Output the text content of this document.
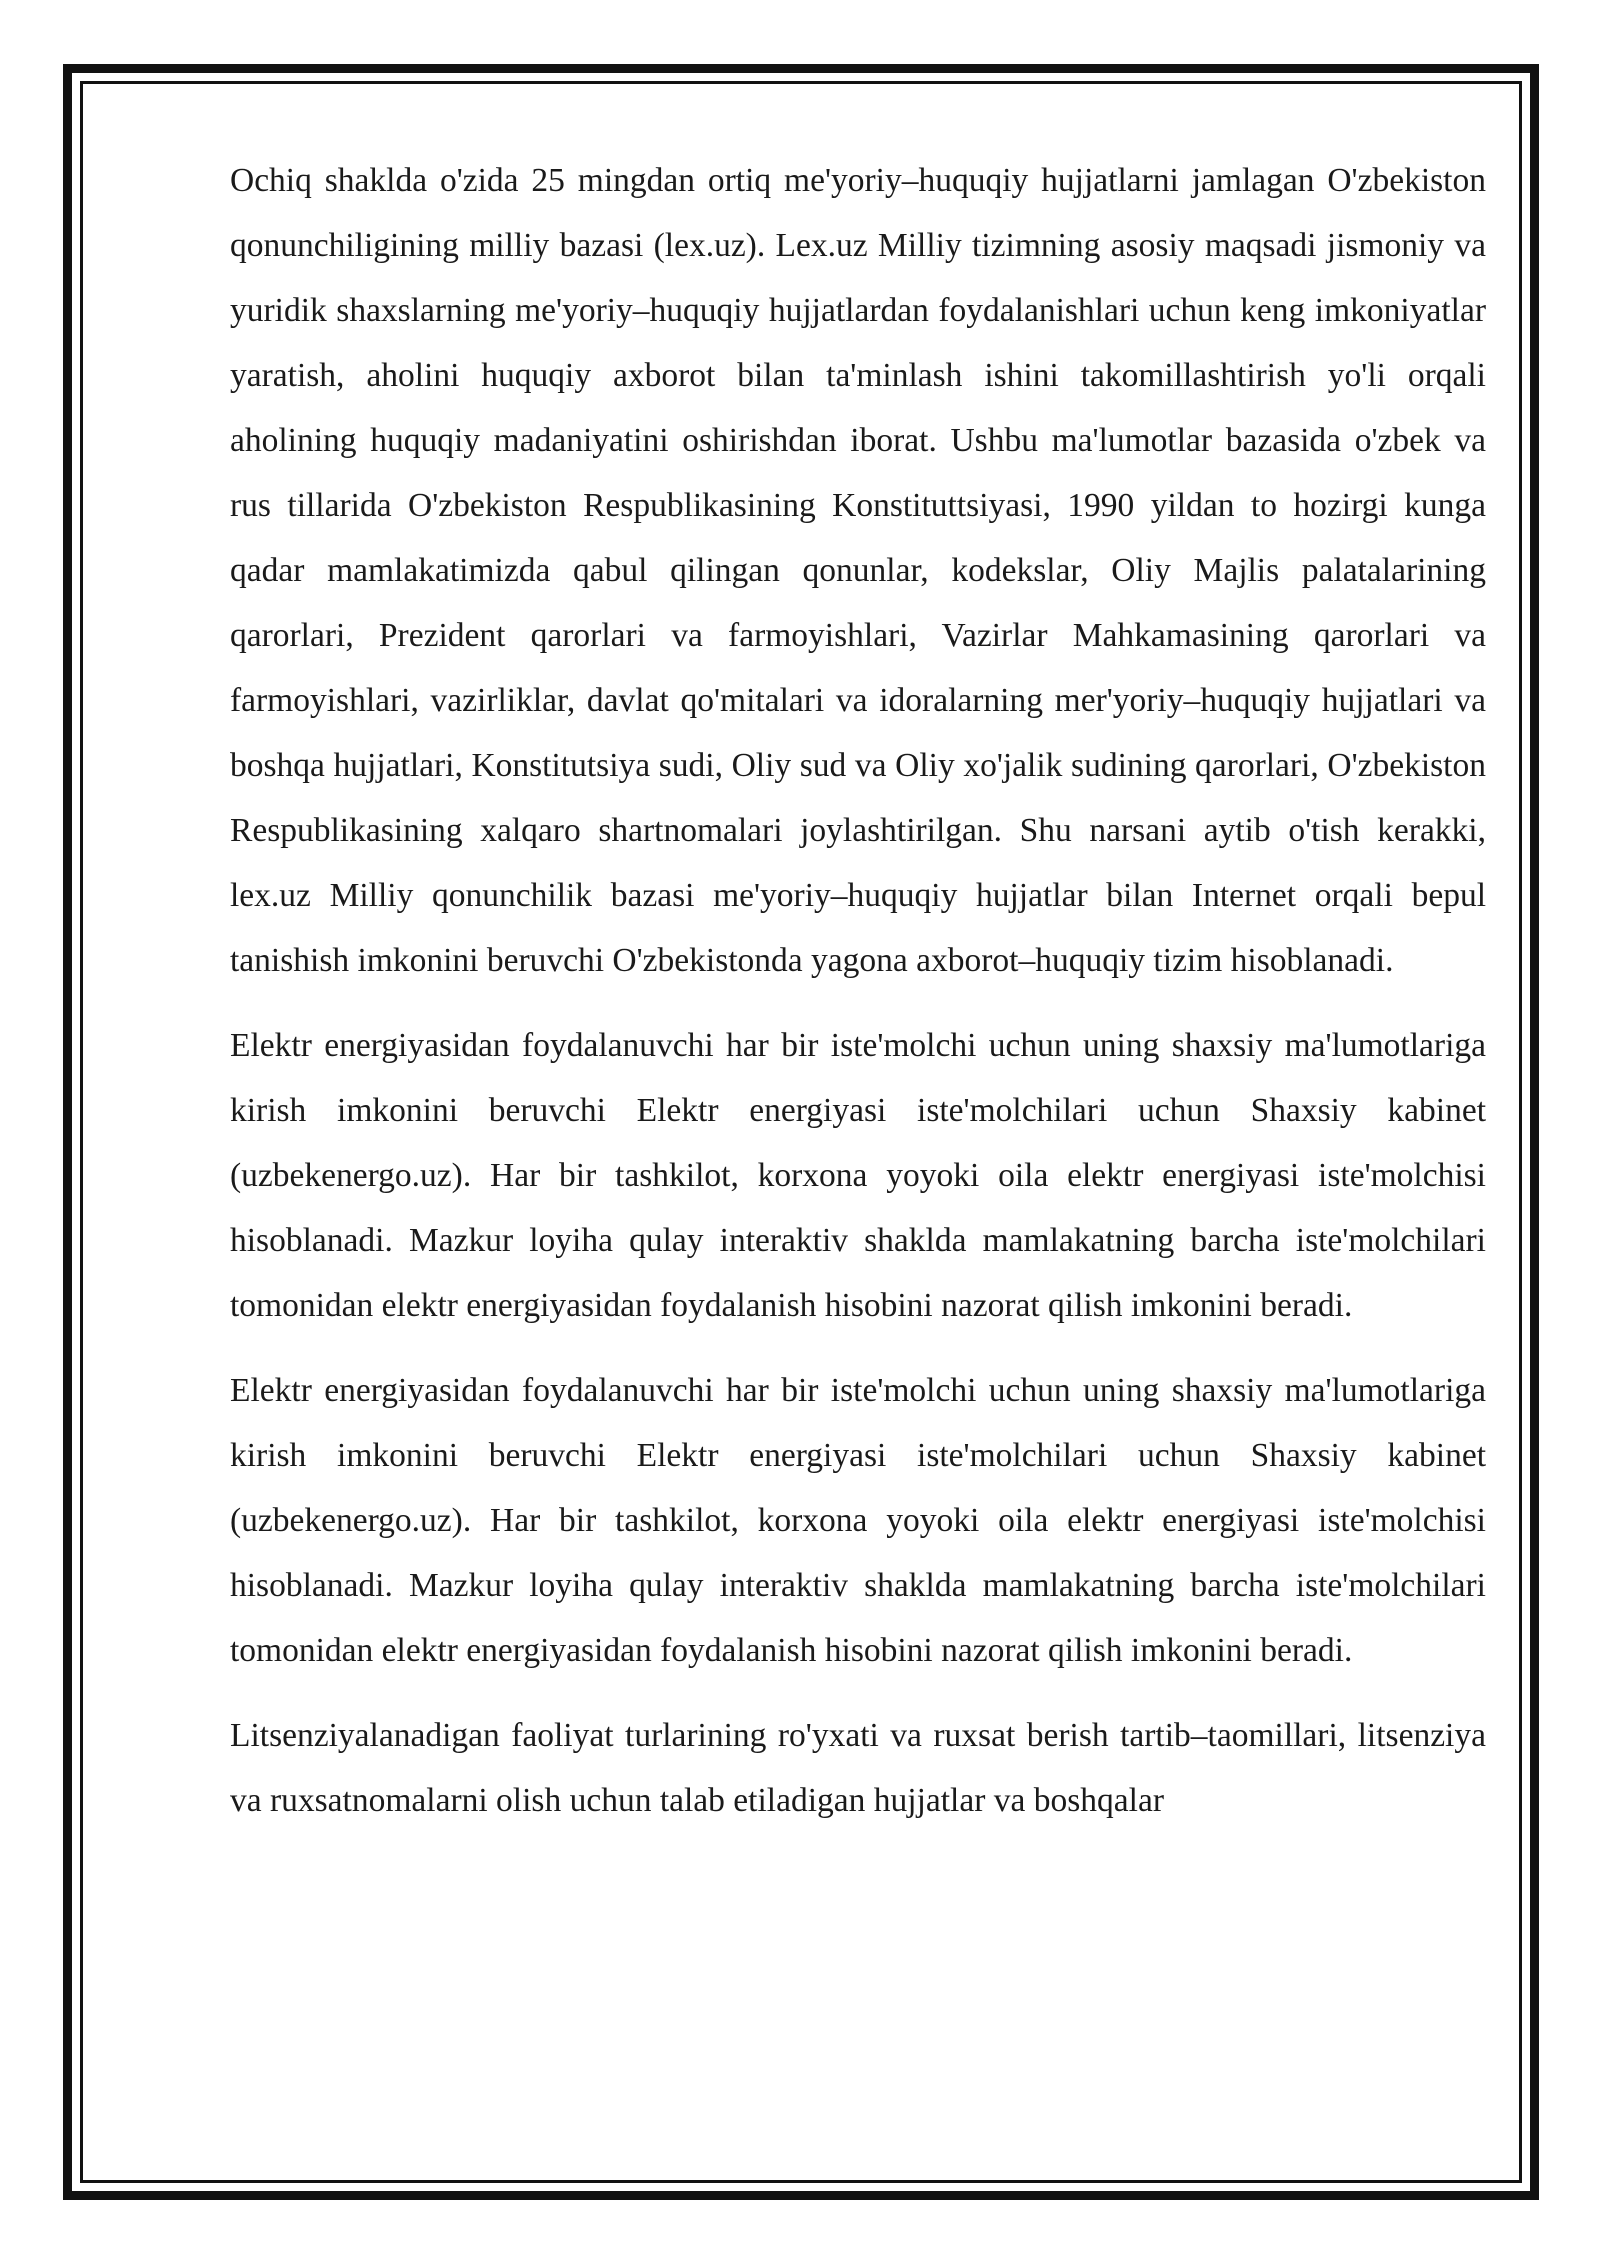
Ochiq shaklda o'zida 25 mingdan ortiq me'yoriy–huquqiy hujjatlarni jamlagan O'zbekiston qonunchiligining milliy bazasi (lex.uz). Lex.uz Milliy tizimning asosiy maqsadi jismoniy va yuridik shaxslarning me'yoriy–huquqiy hujjatlardan foydalanishlari uchun keng imkoniyatlar yaratish, aholini huquqiy axborot bilan ta'minlash ishini takomillashtirish yo'li orqali aholining huquqiy madaniyatini oshirishdan iborat. Ushbu ma'lumotlar bazasida o'zbek va rus tillarida O'zbekiston Respublikasining Konstituttsiyasi, 1990 yildan to hozirgi kunga qadar mamlakatimizda qabul qilingan qonunlar, kodekslar, Oliy Majlis palatalarining qarorlari, Prezident qarorlari va farmoyishlari, Vazirlar Mahkamasining qarorlari va farmoyishlari, vazirliklar, davlat qo'mitalari va idoralarning mer'yoriy–huquqiy hujjatlari va boshqa hujjatlari, Konstitutsiya sudi, Oliy sud va Oliy xo'jalik sudining qarorlari, O'zbekiston Respublikasining xalqaro shartnomalari joylashtirilgan. Shu narsani aytib o'tish kerakki, lex.uz Milliy qonunchilik bazasi me'yoriy–huquqiy hujjatlar bilan Internet orqali bepul tanishish imkonini beruvchi O'zbekistonda yagona axborot–huquqiy tizim hisoblanadi.

Elektr energiyasidan foydalanuvchi har bir iste'molchi uchun uning shaxsiy ma'lumotlariga kirish imkonini beruvchi Elektr energiyasi iste'molchilari uchun Shaxsiy kabinet (uzbekenergo.uz). Har bir tashkilot, korxona yoyoki oila elektr energiyasi iste'molchisi hisoblanadi. Mazkur loyiha qulay interaktiv shaklda mamlakatning barcha iste'molchilari tomonidan elektr energiyasidan foydalanish hisobini nazorat qilish imkonini beradi.

Elektr energiyasidan foydalanuvchi har bir iste'molchi uchun uning shaxsiy ma'lumotlariga kirish imkonini beruvchi Elektr energiyasi iste'molchilari uchun Shaxsiy kabinet (uzbekenergo.uz). Har bir tashkilot, korxona yoyoki oila elektr energiyasi iste'molchisi hisoblanadi. Mazkur loyiha qulay interaktiv shaklda mamlakatning barcha iste'molchilari tomonidan elektr energiyasidan foydalanish hisobini nazorat qilish imkonini beradi.

Litsenziyalanadigan faoliyat turlarining ro'yxati va ruxsat berish tartib–taomillari, litsenziya va ruxsatnomalarni olish uchun talab etiladigan hujjatlar va boshqalar
